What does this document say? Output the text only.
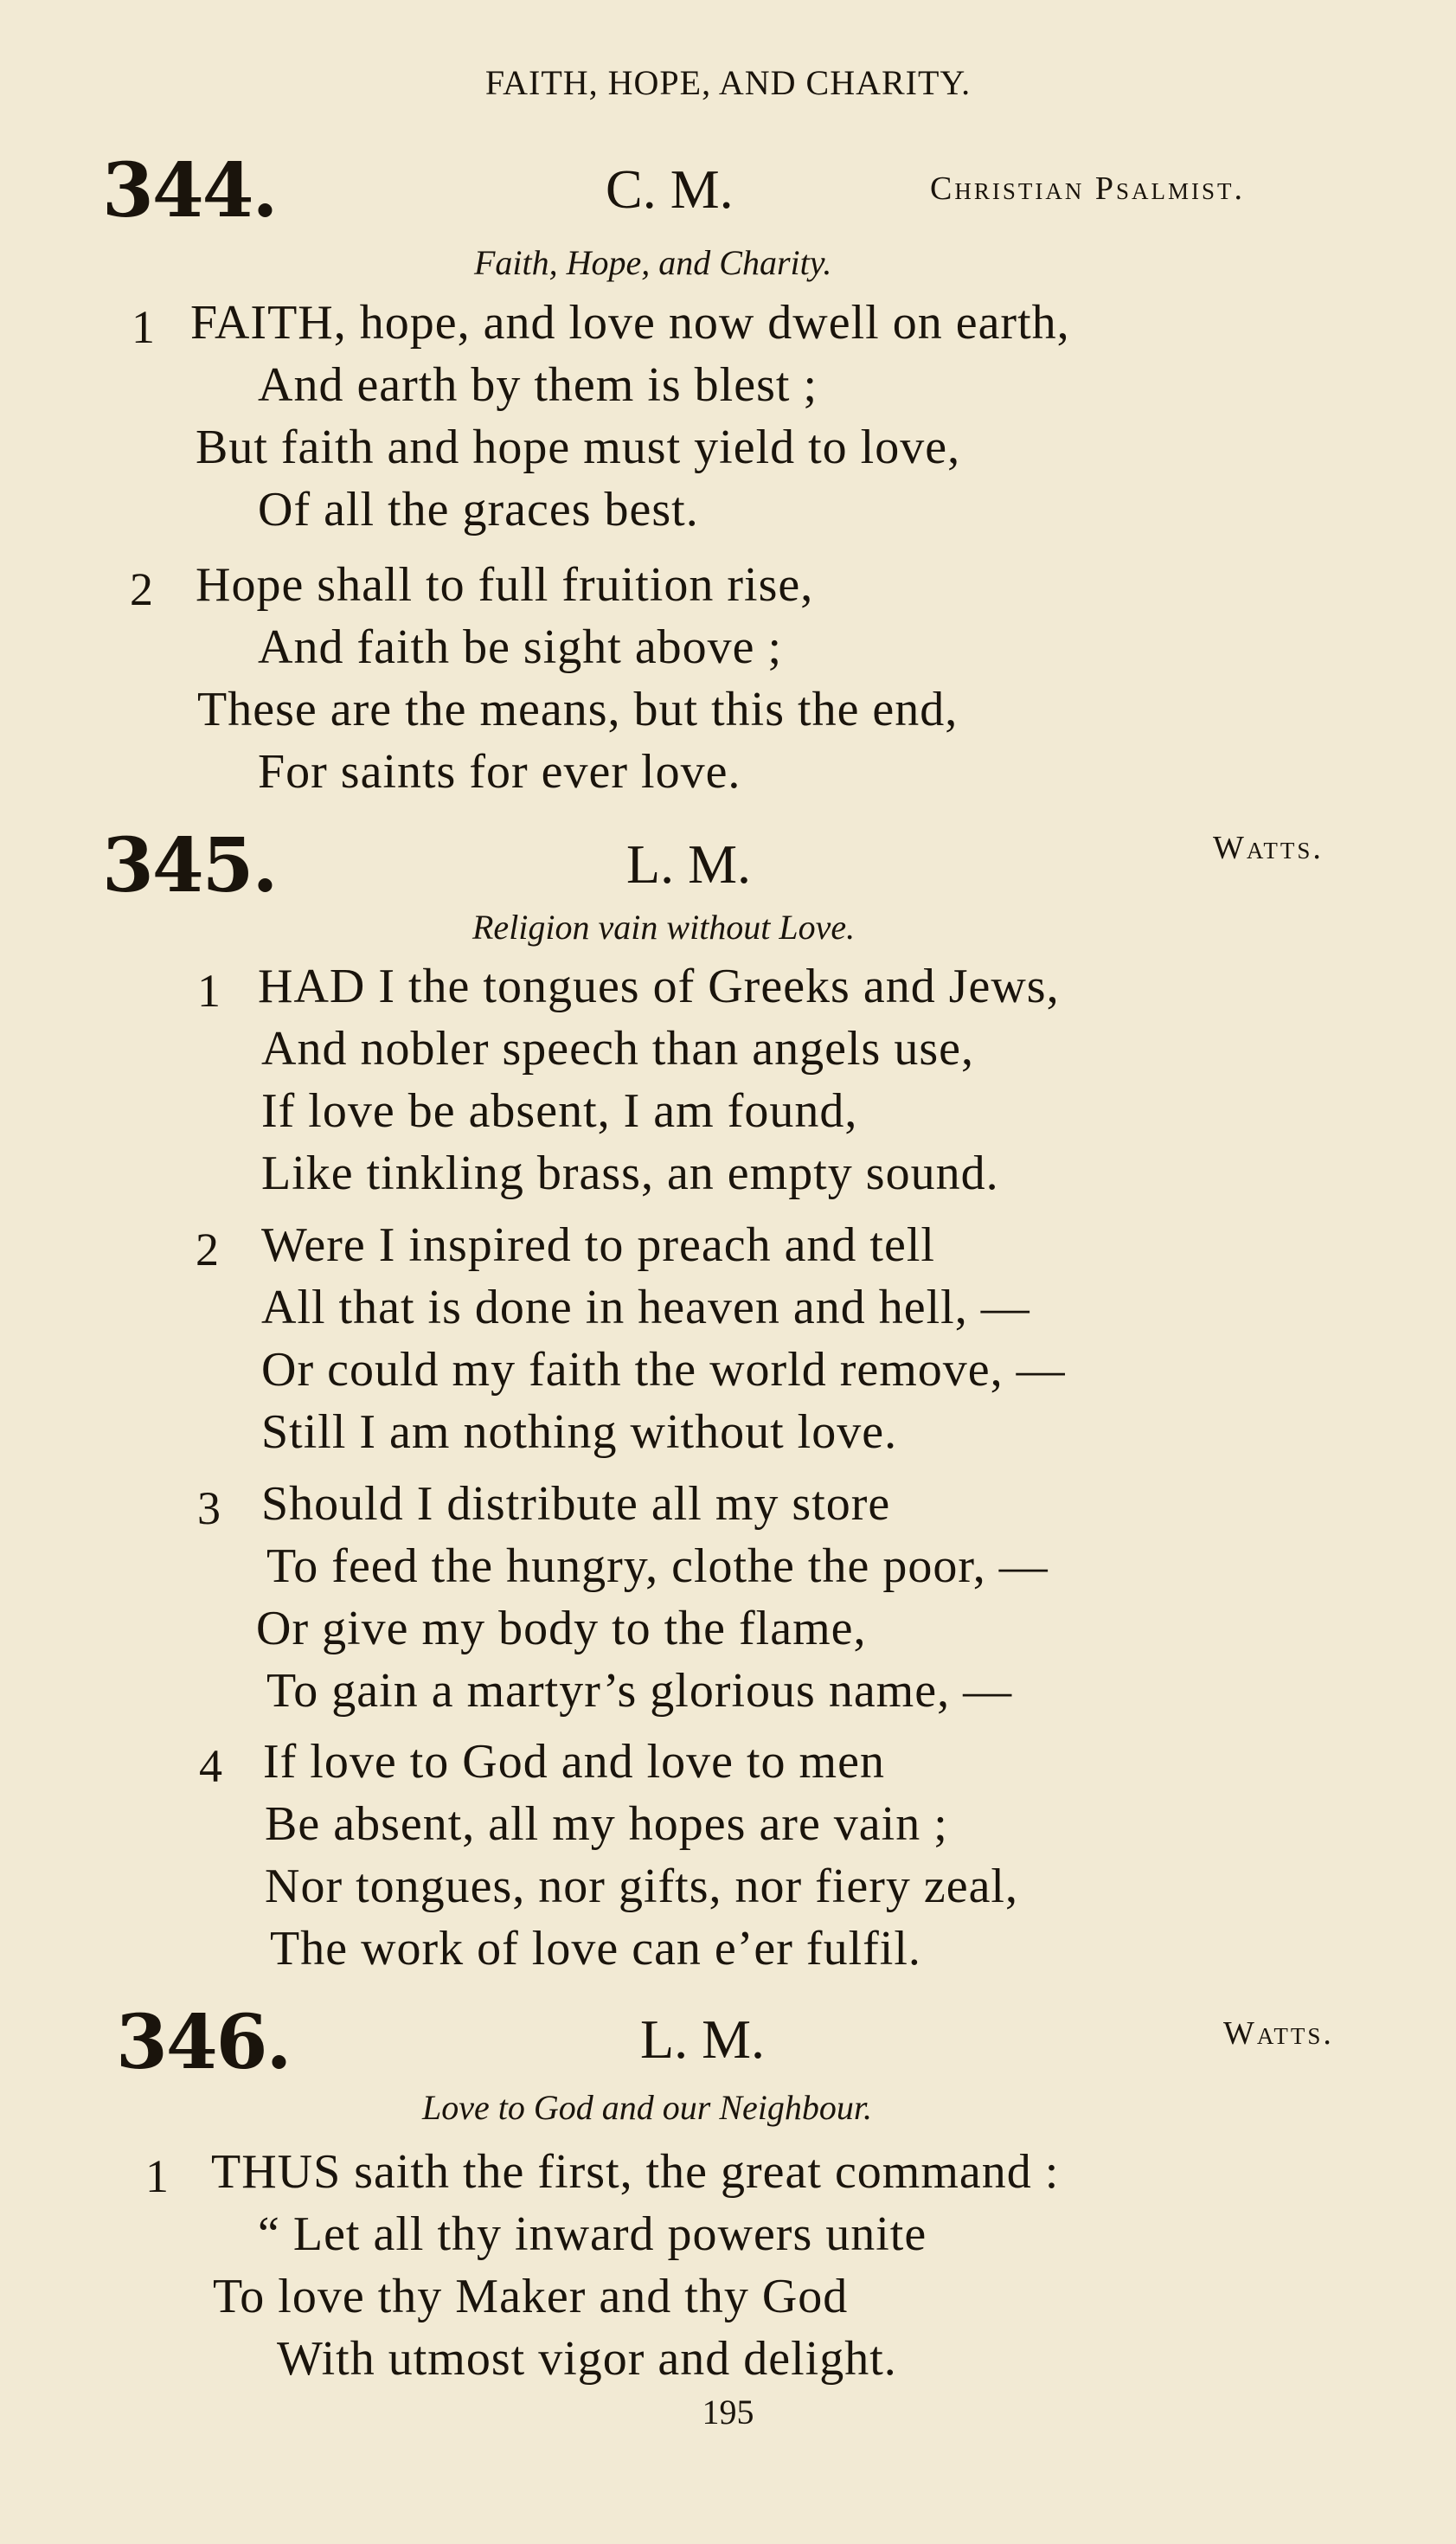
FAITH, HOPE, AND CHARITY.
344.	C. M.	Christian Psalmist.
Faith, Hope, and Charity.
1 FAITH, hope, and love now dwell on earth,
And earth by them is blest ;
But faith and hope must yield to love,
Of all the graces best.
2 Hope shall to full fruition rise,
And faith be sight above ;
These are the means, but this the end,
For saints for ever love.
345.	L. M.	Watts.
Religion vain without Love.
1 HAD I the tongues of Greeks and Jews,
And nobler speech than angels use,
If love be absent, I am found,
Like tinkling brass, an empty sound.
2 Were I inspired to preach and tell
All that is done in heaven and hell, —
Or could my faith the world remove, —
Still I am nothing without love.
3 Should I distribute all my store
To feed the hungry, clothe the poor, —
Or give my body to the flame,
To gain a martyr’s glorious name, —
4 If love to God and love to men
Be absent, all my hopes are vain ;
Nor tongues, nor gifts, nor fiery zeal,
The work of love can e’er fulfil.
346.	L. M.	Watts.
Love to God and our Neighbour.
1 THUS saith the first, the great command :
“ Let all thy inward powers unite
To love thy Maker and thy God
With utmost vigor and delight.
195
